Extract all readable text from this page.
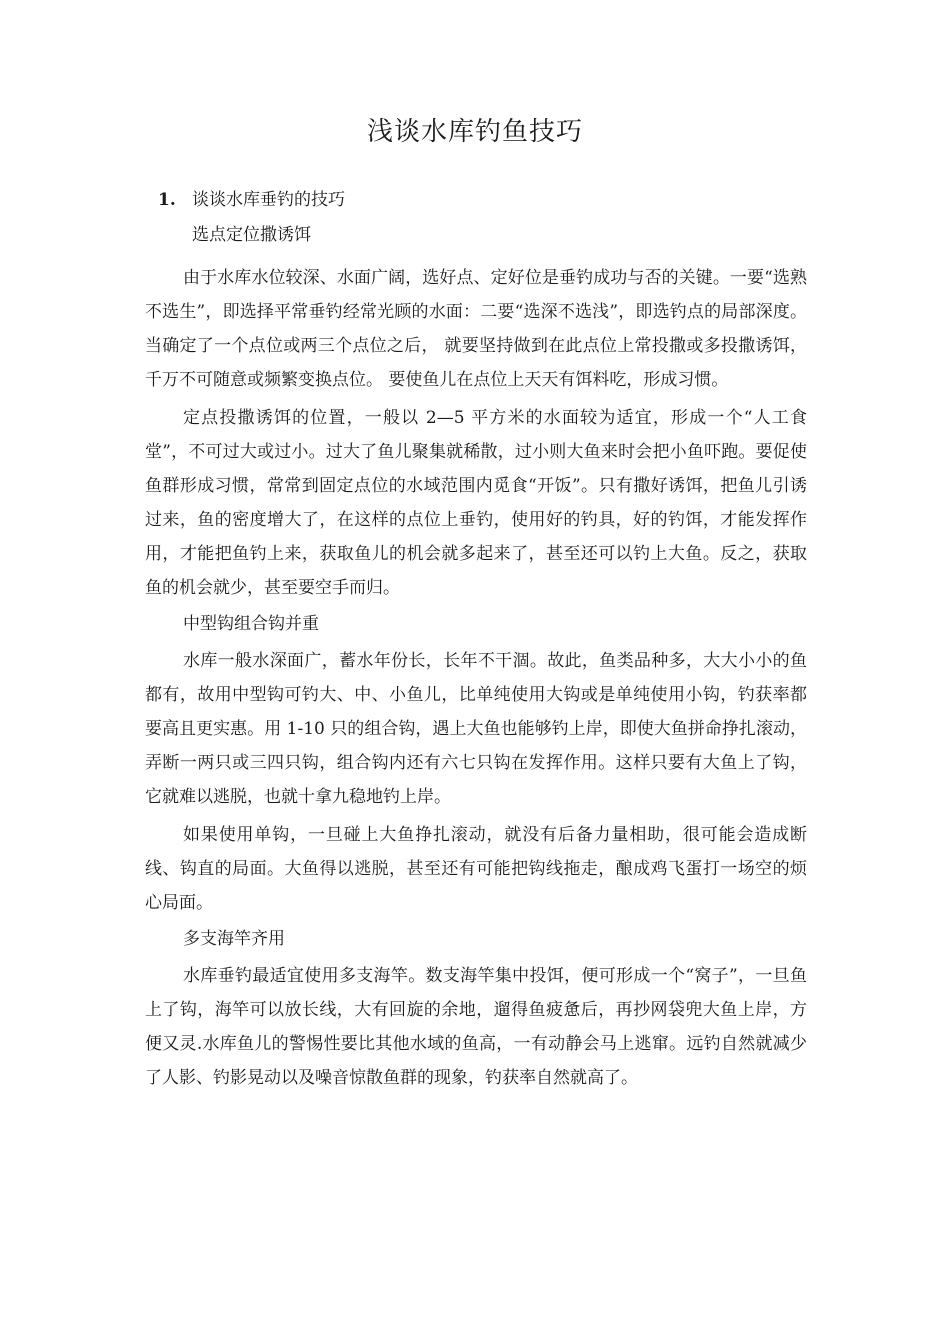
浅谈水库钓鱼技巧
1. 谈谈水库垂钓的技巧
选点定位撒诱饵

由于水库水位较深、水面广阔，选好点、定好位是垂钓成功与否的关键。一要“选熟不选生”，即选择平常垂钓经常光顾的水面：二要“选深不选浅”，即选钓点的局部深度。当确定了一个点位或两三个点位之后， 就要坚持做到在此点位上常投撒或多投撒诱饵， 千万不可随意或频繁变换点位。 要使鱼儿在点位上天天有饵料吃，形成习惯。

定点投撒诱饵的位置，一般以 2—5 平方米的水面较为适宜，形成一个“人工食堂”，不可过大或过小。过大了鱼儿聚集就稀散，过小则大鱼来时会把小鱼吓跑。要促使鱼群形成习惯，常常到固定点位的水域范围内觅食“开饭”。只有撒好诱饵，把鱼儿引诱过来，鱼的密度增大了，在这样的点位上垂钓，使用好的钓具，好的钓饵，才能发挥作用，才能把鱼钓上来，获取鱼儿的机会就多起来了，甚至还可以钓上大鱼。反之，获取鱼的机会就少，甚至要空手而归。

中型钩组合钩并重

水库一般水深面广，蓄水年份长，长年不干涸。故此，鱼类品种多，大大小小的鱼都有，故用中型钩可钓大、中、小鱼儿，比单纯使用大钩或是单纯使用小钩，钓获率都要高且更实惠。用 1-10 只的组合钩，遇上大鱼也能够钓上岸，即使大鱼拼命挣扎滚动，弄断一两只或三四只钩，组合钩内还有六七只钩在发挥作用。这样只要有大鱼上了钩，它就难以逃脱，也就十拿九稳地钓上岸。

如果使用单钩，一旦碰上大鱼挣扎滚动，就没有后备力量相助，很可能会造成断线、钩直的局面。大鱼得以逃脱，甚至还有可能把钩线拖走，酿成鸡飞蛋打一场空的烦心局面。

多支海竿齐用

水库垂钓最适宜使用多支海竿。数支海竿集中投饵，便可形成一个“窝子”，一旦鱼上了钩，海竿可以放长线，大有回旋的余地，遛得鱼疲惫后，再抄网袋兜大鱼上岸，方便又灵.水库鱼儿的警惕性要比其他水域的鱼高，一有动静会马上逃窜。远钓自然就减少了人影、钓影晃动以及噪音惊散鱼群的现象，钓获率自然就高了。
